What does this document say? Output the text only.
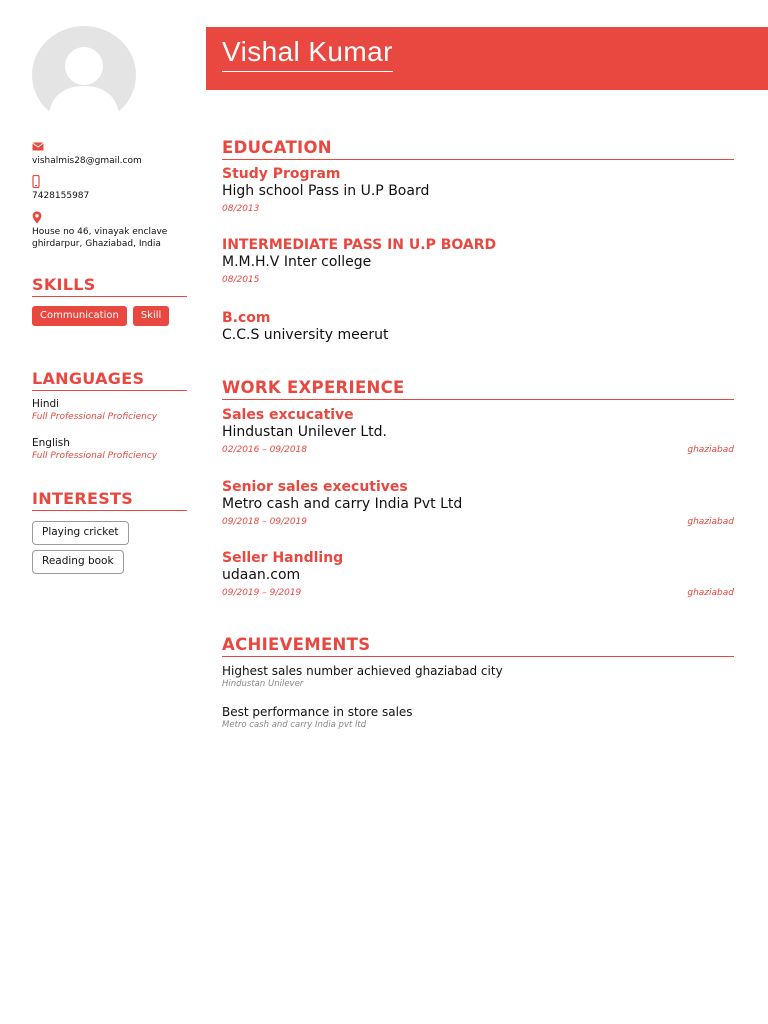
vishalmis28@gmail.com
7428155987
House no 46, vinayak enclave
ghirdarpur, Ghaziabad, India
SKILLS
Communication	Skill
LANGUAGES
Hindi
Full Professional Proficiency
English
Full Professional Proficiency
INTERESTS
Playing cricket
Reading book
Vishal Kumar
EDUCATION
Study Program
High school Pass in U.P Board
08/2013
INTERMEDIATE PASS IN U.P BOARD
M.M.H.V Inter college
08/2015
B.com
C.C.S university meerut
WORK EXPERIENCE
Sales excucative
Hindustan Unilever Ltd.
02/2016 – 09/2018	ghaziabad
Senior sales executives
Metro cash and carry India Pvt Ltd
09/2018 – 09/2019	ghaziabad
Seller Handling
udaan.com
09/2019 – 9/2019	ghaziabad
ACHIEVEMENTS
Highest sales number achieved ghaziabad city
Hindustan Unilever
Best performance in store sales
Metro cash and carry India pvt ltd
